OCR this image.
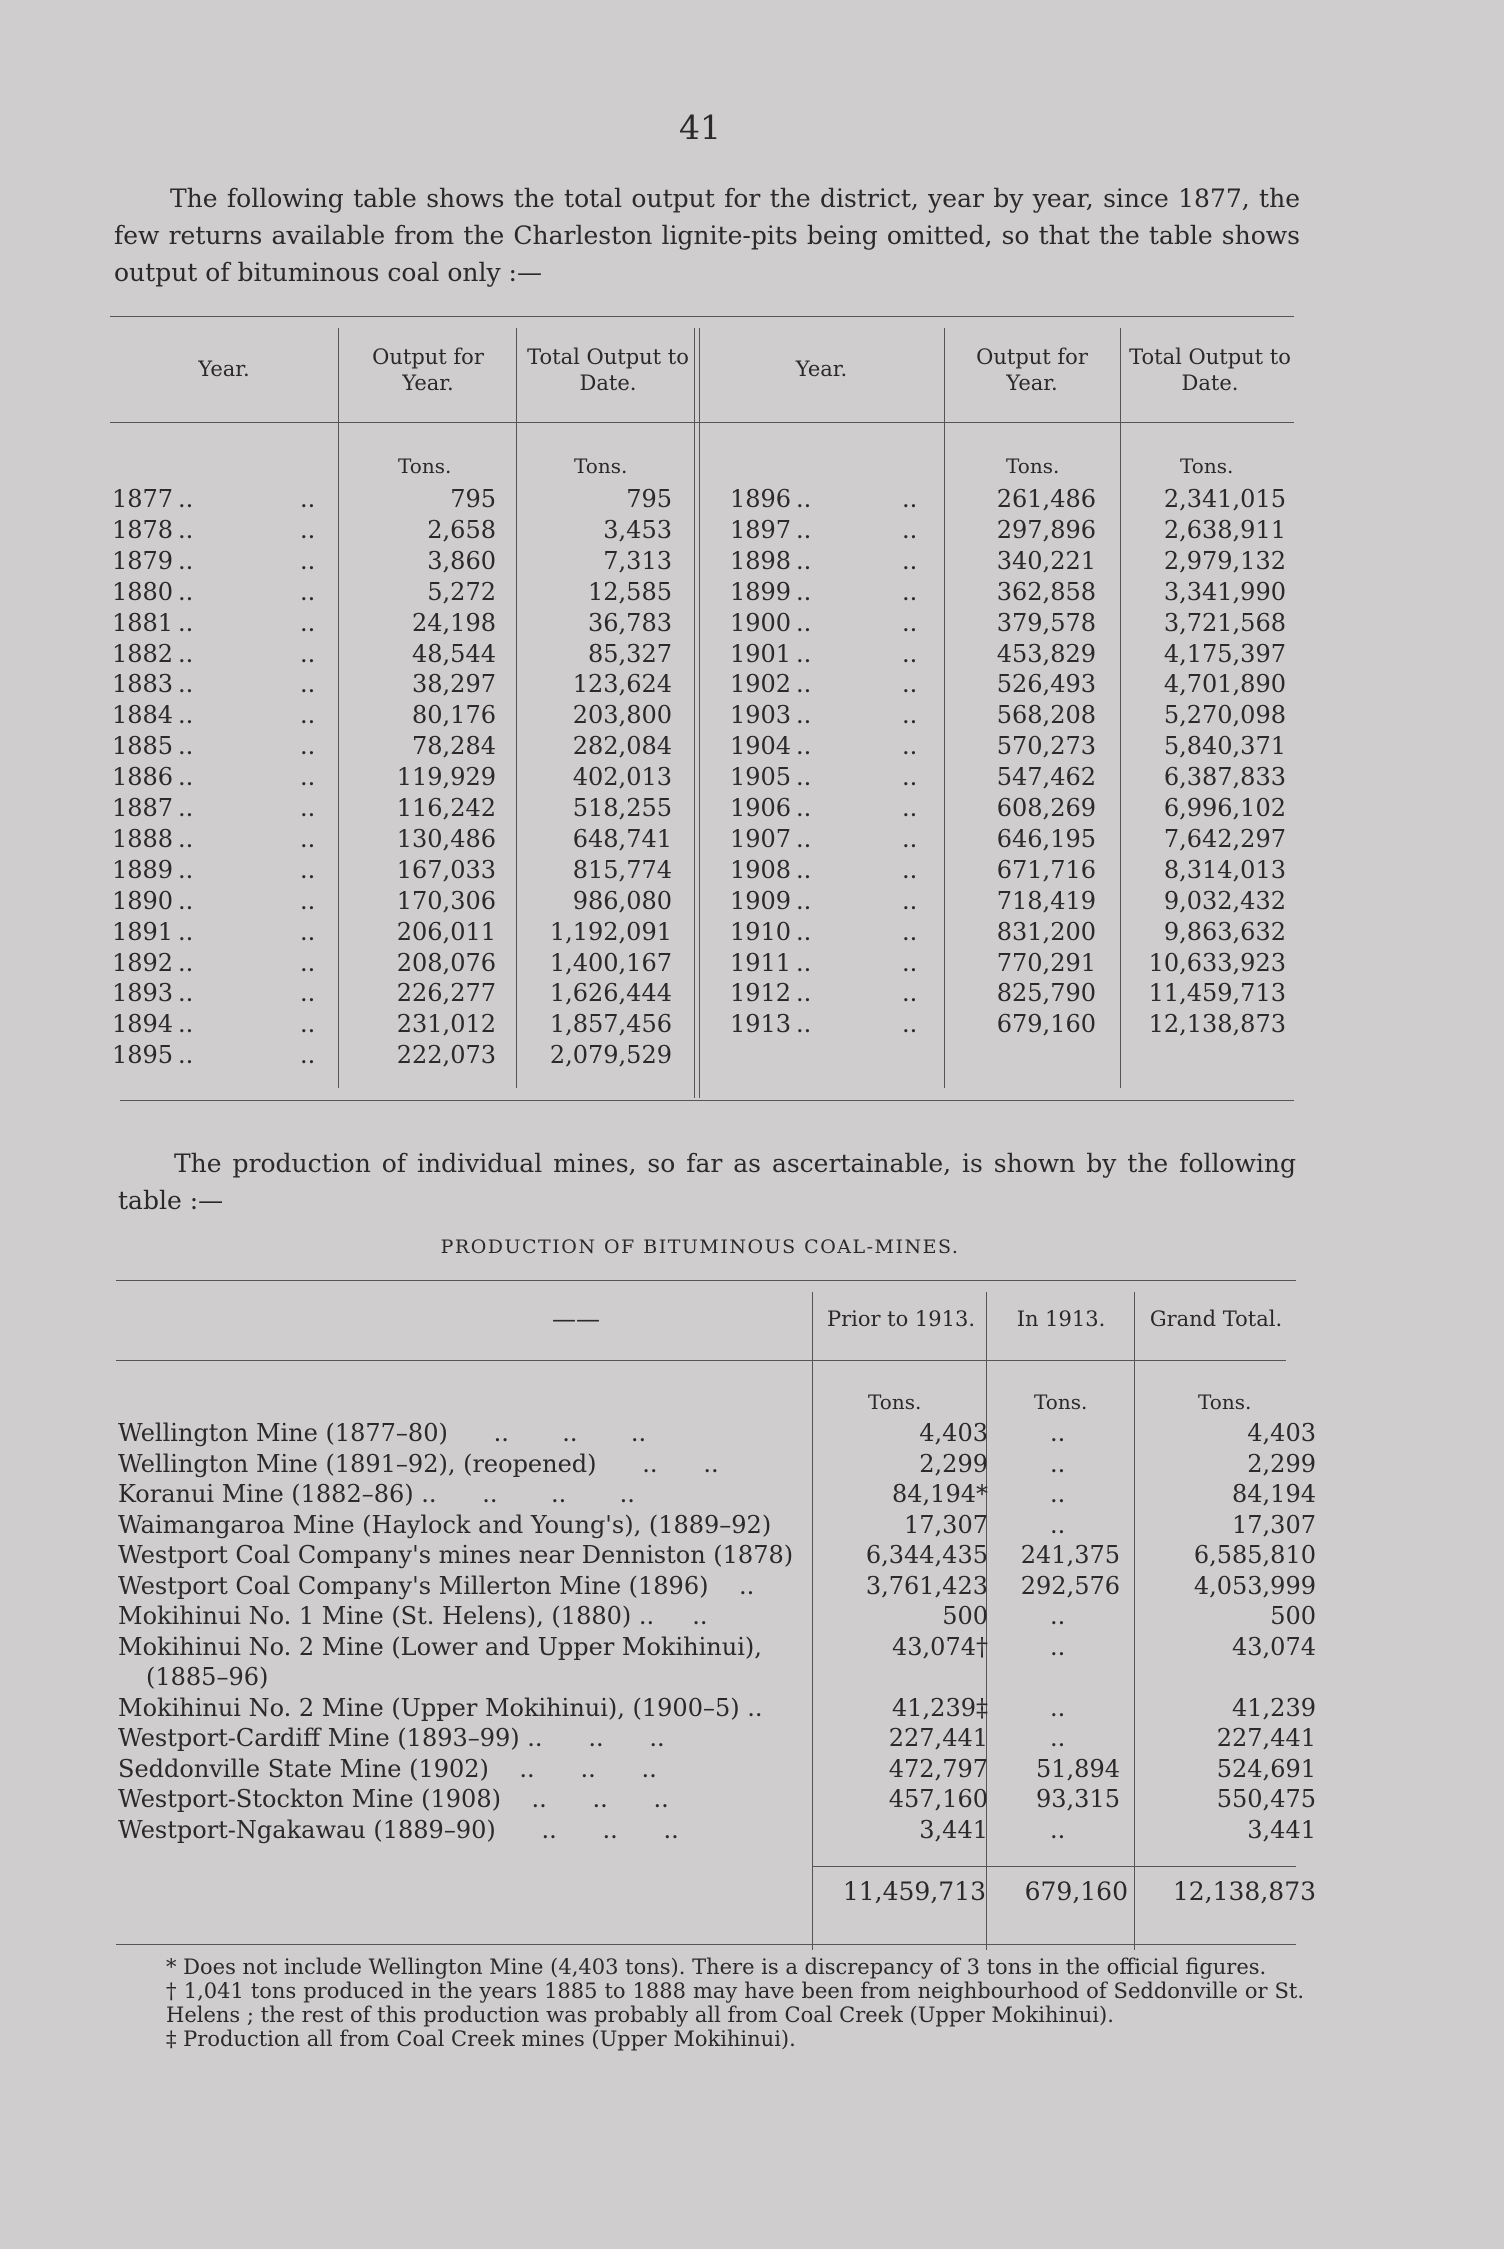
41
The following table shows the total output for the district, year by year, since 1877, the few returns available from the Charleston lignite-pits being omitted, so that the table shows output of bituminous coal only :—
Year.	Output for Year.
Total Output to Date.
Year.	Output for Year.
Total Output to Date.
Tons.	Tons.	Tons.	Tons.
1877 ..	..	795	795
1878 ..	..	2,658	3,453
1879 ..	..	3,860	7,313
1880 ..	..	5,272	12,585
1881 ..	..	24,198	36,783
1882 ..	..	48,544	85,327
1883 ..	..	38,297	123,624
1884 ..	..	80,176	203,800
1885 ..	..	78,284	282,084
1886 ..	..	119,929	402,013
1887 ..	..	116,242	518,255
1888 ..	..	130,486	648,741
1889 ..	..	167,033	815,774
1890 ..	..	170,306	986,080
1891 ..	..	206,011	1,192,091
1892 ..	..	208,076	1,400,167
1893 ..	..	226,277	1,626,444
1894 ..	..	231,012	1,857,456
1895 ..	..	222,073	2,079,529
1896 ..	..	261,486	2,341,015
1897 ..	..	297,896	2,638,911
1898 ..	..	340,221	2,979,132
1899 ..	..	362,858	3,341,990
1900 ..	..	379,578	3,721,568
1901 ..	..	453,829	4,175,397
1902 ..	..	526,493	4,701,890
1903 ..	..	568,208	5,270,098
1904 ..	..	570,273	5,840,371
1905 ..	..	547,462	6,387,833
1906 ..	..	608,269	6,996,102
1907 ..	..	646,195	7,642,297
1908 ..	..	671,716	8,314,013
1909 ..	..	718,419	9,032,432
1910 ..	..	831,200	9,863,632
1911 ..	..	770,291	10,633,923
1912 ..	..	825,790	11,459,713
1913 ..	..	679,160	12,138,873
The production of individual mines, so far as ascertainable, is shown by the following table :—
PRODUCTION OF BITUMINOUS COAL-MINES.
——	Prior to 1913.	In 1913.	Grand Total.
Tons.	Tons.	Tons.
Wellington Mine (1877–80)      ..       ..       ..	4,403	..	4,403
Wellington Mine (1891–92), (reopened)      ..      ..	2,299	..	2,299
Koranui Mine (1882–86) ..      ..       ..       ..	84,194*	..	84,194
Waimangaroa Mine (Haylock and Young's), (1889–92)	17,307	..	17,307
Westport Coal Company's mines near Denniston (1878)	6,344,435	241,375	6,585,810
Westport Coal Company's Millerton Mine (1896)    ..	3,761,423	292,576	4,053,999
Mokihinui No. 1 Mine (St. Helens), (1880) ..     ..	500	..	500
Mokihinui No. 2 Mine (Lower and Upper Mokihinui),	43,074†	..	43,074
(1885–96)
Mokihinui No. 2 Mine (Upper Mokihinui), (1900–5) ..	41,239‡	..	41,239
Westport-Cardiff Mine (1893–99) ..      ..      ..	227,441	..	227,441
Seddonville State Mine (1902)    ..      ..      ..	472,797	51,894	524,691
Westport-Stockton Mine (1908)    ..      ..      ..	457,160	93,315	550,475
Westport-Ngakawau (1889–90)      ..      ..      ..	3,441	..	3,441
11,459,713	679,160	12,138,873
* Does not include Wellington Mine (4,403 tons). There is a discrepancy of 3 tons in the official figures.
† 1,041 tons produced in the years 1885 to 1888 may have been from neighbourhood of Seddonville or St. Helens ; the rest of this production was probably all from Coal Creek (Upper Mokihinui).
‡ Production all from Coal Creek mines (Upper Mokihinui).
